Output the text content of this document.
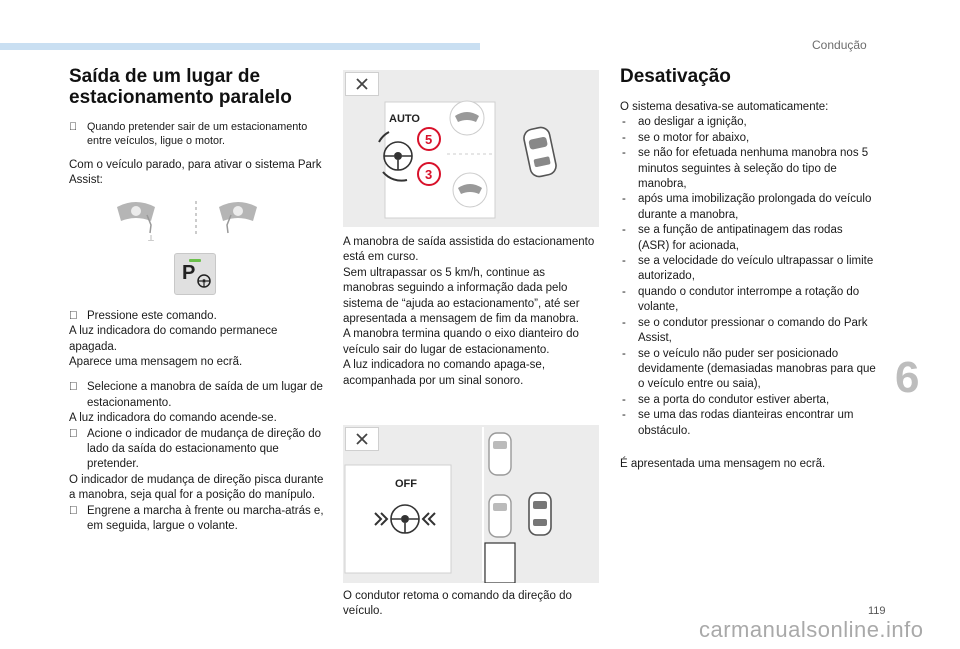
Condução
Saída de um lugar de estacionamento paralelo
Quando pretender sair de um estacionamento entre veículos, ligue o motor.

Com o veículo parado, para ativar o sistema Park Assist:

⟂
P
Pressione este comando.

A luz indicadora do comando permanece apagada.

Aparece uma mensagem no ecrã.

Selecione a manobra de saída de um lugar de estacionamento.

A luz indicadora do comando acende-se.

Acione o indicador de mudança de direção do lado da saída do estacionamento que pretender.

O indicador de mudança de direção pisca durante a manobra, seja qual for a posição do manípulo.

Engrene a marcha à frente ou marcha-atrás e, em seguida, largue o volante.
AUTO
5
3

A manobra de saída assistida do estacionamento está em curso.

Sem ultrapassar os 5 km/h, continue as manobras seguindo a informação dada pelo sistema de “ajuda ao estacionamento”, até ser apresentada a mensagem de fim da manobra.

A manobra termina quando o eixo dianteiro do veículo sair do lugar de estacionamento.

A luz indicadora no comando apaga-se, acompanhada por um sinal sonoro.

OFF

O condutor retoma o comando da direção do veículo.

Desativação

O sistema desativa-se automaticamente:

- ao desligar a ignição,
- se o motor for abaixo,
- se não for efetuada nenhuma manobra nos 5 minutos seguintes à seleção do tipo de manobra,
- após uma imobilização prolongada do veículo durante a manobra,
- se a função de antipatinagem das rodas (ASR) for acionada,
- se a velocidade do veículo ultrapassar o limite autorizado,
- quando o condutor interrompe a rotação do volante,
- se o condutor pressionar o comando do Park Assist,
- se o veículo não puder ser posicionado devidamente (demasiadas manobras para que o veículo entre ou saia),
- se a porta do condutor estiver aberta,
- se uma das rodas dianteiras encontrar um obstáculo.

É apresentada uma mensagem no ecrã.

6
119
carmanualsonline.info
